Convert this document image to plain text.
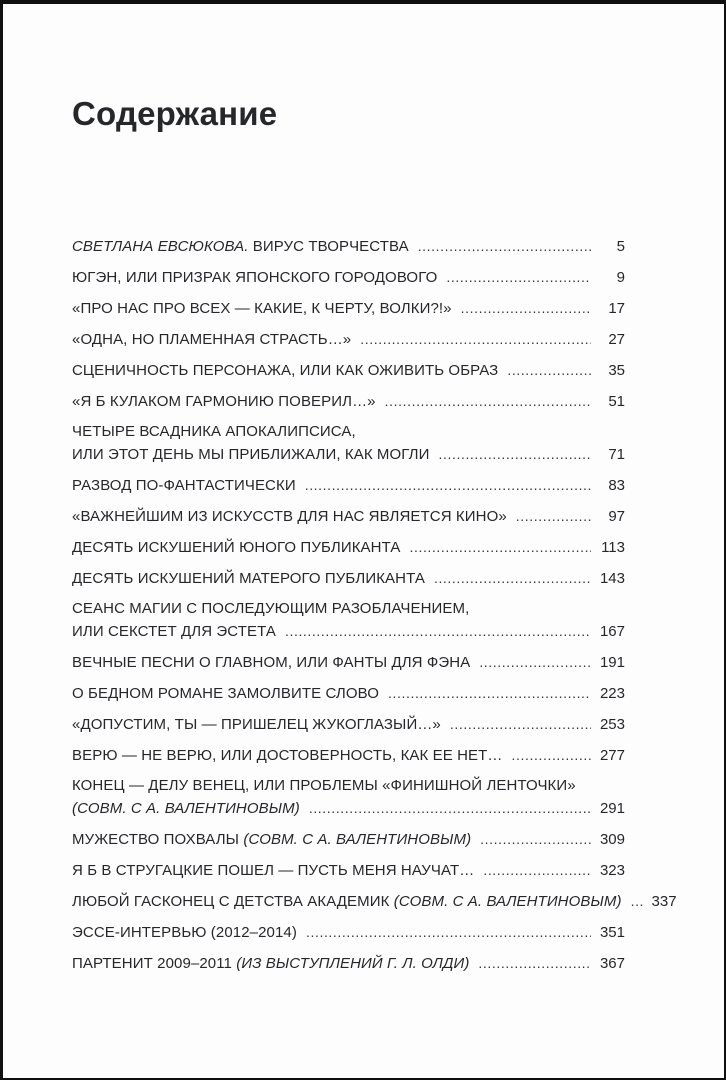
Содержание
СВЕТЛАНА ЕВСЮКОВА. ВИРУС ТВОРЧЕСТВА .....	5
ЮГЭН, ИЛИ ПРИЗРАК ЯПОНСКОГО ГОРОДОВОГО .....	9
«ПРО НАС ПРО ВСЕХ — КАКИЕ, К ЧЕРТУ, ВОЛКИ?!» .....	17
«ОДНА, НО ПЛАМЕННАЯ СТРАСТЬ…» .....	27
СЦЕНИЧНОСТЬ ПЕРСОНАЖА, ИЛИ КАК ОЖИВИТЬ ОБРАЗ .....	35
«Я Б КУЛАКОМ ГАРМОНИЮ ПОВЕРИЛ…» .....	51
ЧЕТЫРЕ ВСАДНИКА АПОКАЛИПСИСА,
ИЛИ ЭТОТ ДЕНЬ МЫ ПРИБЛИЖАЛИ, КАК МОГЛИ .....	71
РАЗВОД ПО-ФАНТАСТИЧЕСКИ .....	83
«ВАЖНЕЙШИМ ИЗ ИСКУССТВ ДЛЯ НАС ЯВЛЯЕТСЯ КИНО» .....	97
ДЕСЯТЬ ИСКУШЕНИЙ ЮНОГО ПУБЛИКАНТА .....	113
ДЕСЯТЬ ИСКУШЕНИЙ МАТЕРОГО ПУБЛИКАНТА .....	143
СЕАНС МАГИИ С ПОСЛЕДУЮЩИМ РАЗОБЛАЧЕНИЕМ,
ИЛИ СЕКСТЕТ ДЛЯ ЭСТЕТА .....	167
ВЕЧНЫЕ ПЕСНИ О ГЛАВНОМ, ИЛИ ФАНТЫ ДЛЯ ФЭНА .....	191
О БЕДНОМ РОМАНЕ ЗАМОЛВИТЕ СЛОВО .....	223
«ДОПУСТИМ, ТЫ — ПРИШЕЛЕЦ ЖУКОГЛАЗЫЙ…» .....	253
ВЕРЮ — НЕ ВЕРЮ, ИЛИ ДОСТОВЕРНОСТЬ, КАК ЕЕ НЕТ… .....	277
КОНЕЦ — ДЕЛУ ВЕНЕЦ, ИЛИ ПРОБЛЕМЫ «ФИНИШНОЙ ЛЕНТОЧКИ»
(СОВМ. С А. ВАЛЕНТИНОВЫМ) .....	291
МУЖЕСТВО ПОХВАЛЫ (СОВМ. С А. ВАЛЕНТИНОВЫМ) .....	309
Я Б В СТРУГАЦКИЕ ПОШЕЛ — ПУСТЬ МЕНЯ НАУЧАТ… .....	323
ЛЮБОЙ ГАСКОНЕЦ С ДЕТСТВА АКАДЕМИК (СОВМ. С А. ВАЛЕНТИНОВЫМ) ..... 337
ЭССЕ-ИНТЕРВЬЮ (2012–2014) .....	351
ПАРТЕНИТ 2009–2011 (ИЗ ВЫСТУПЛЕНИЙ Г. Л. ОЛДИ) .....	367
